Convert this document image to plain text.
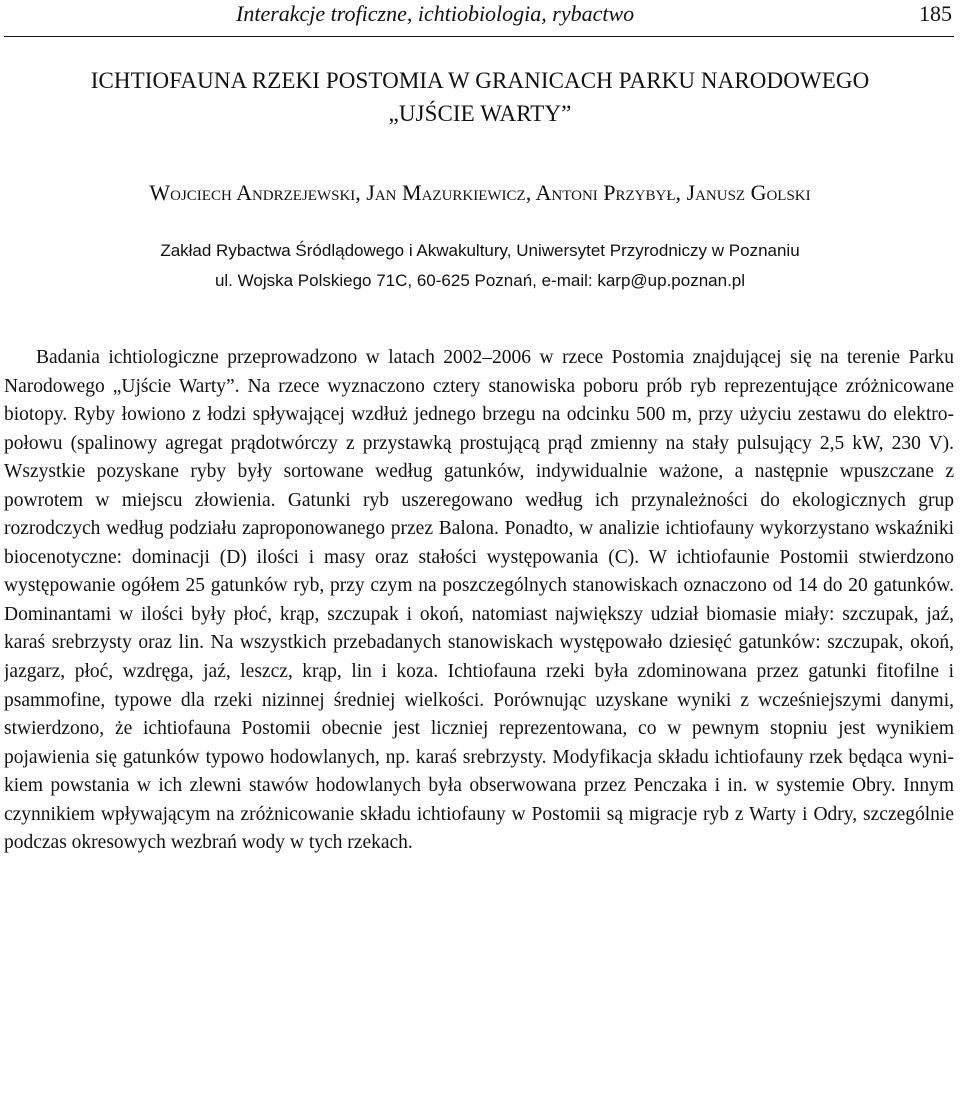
Interakcje troficzne, ichtiobiologia, rybactwo	185
ICHTIOFAUNA RZEKI POSTOMIA W GRANICACH PARKU NARODOWEGO
„UJŚCIE WARTY”
Wojciech Andrzejewski, Jan Mazurkiewicz, Antoni Przybył, Janusz Golski
Zakład Rybactwa Śródlądowego i Akwakultury, Uniwersytet Przyrodniczy w Poznaniu
ul. Wojska Polskiego 71C, 60-625 Poznań, e-mail: karp@up.poznan.pl

Badania ichtiologiczne przeprowadzono w latach 2002–2006 w rzece Postomia znajdującej się na terenie Parku Narodowego „Ujście Warty”. Na rzece wyznaczono cztery stanowiska poboru prób ryb reprezentujące zróżnicowane biotopy. Ryby łowiono z łodzi spływającej wzdłuż jednego brzegu na odcinku 500 m, przy użyciu zestawu do elektropołowu (spalinowy agregat prądotwórczy z przystawką prostującą prąd zmienny na stały pulsujący 2,5 kW, 230 V). Wszystkie pozyskane ryby były sortowane według gatunków, indywidualnie ważone, a następnie wpuszczane z powrotem w miejscu złowienia. Gatunki ryb uszeregowano według ich przynależności do ekologicznych grup rozrodczych według podziału zaproponowanego przez Balona. Ponadto, w analizie ichtiofauny wykorzystano wskaźniki biocenotyczne: dominacji (D) ilości i masy oraz stałości występowania (C). W ichtiofaunie Postomii stwierdzono występowanie ogółem 25 gatunków ryb, przy czym na poszczególnych stanowiskach oznaczono od 14 do 20 gatunków. Dominantami w ilości były płoć, krąp, szczupak i okoń, natomiast największy udział biomasie miały: szczupak, jaź, karaś srebrzysty oraz lin. Na wszystkich przebadanych stanowiskach występowało dziesięć gatunków: szczupak, okoń, jazgarz, płoć, wzdręga, jaź, leszcz, krąp, lin i koza. Ichtiofauna rzeki była zdominowana przez gatunki fitofilne i psammofine, typowe dla rzeki nizinnej średniej wielkości. Porównując uzyskane wyniki z wcześniejszymi danymi, stwierdzono, że ichtiofauna Postomii obecnie jest liczniej reprezentowana, co w pewnym stopniu jest wynikiem pojawienia się gatunków typowo hodowlanych, np. karaś srebrzysty. Modyfikacja składu ichtiofauny rzek będąca wynikiem powstania w ich zlewni stawów hodowlanych była obserwowana przez Penczaka i in. w systemie Obry. Innym czynnikiem wpływającym na zróżnicowanie składu ichtiofauny w Postomii są migracje ryb z Warty i Odry, szczególnie podczas okresowych wezbrań wody w tych rzekach.
